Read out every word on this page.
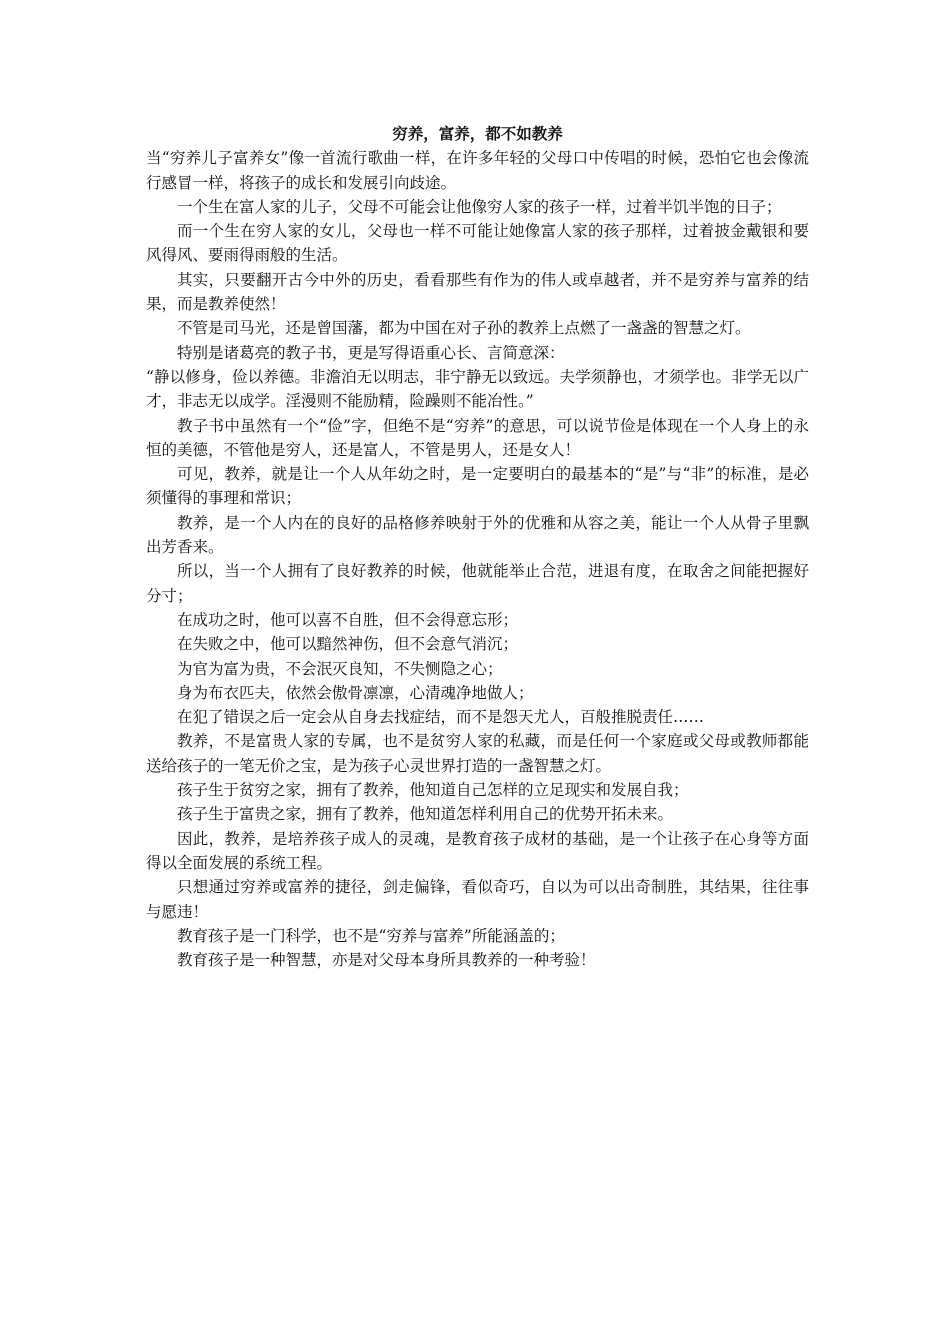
穷养，富养，都不如教养

当“穷养儿子富养女”像一首流行歌曲一样，在许多年轻的父母口中传唱的时候，恐怕它也会像流行感冒一样，将孩子的成长和发展引向歧途。

一个生在富人家的儿子，父母不可能会让他像穷人家的孩子一样，过着半饥半饱的日子；

而一个生在穷人家的女儿，父母也一样不可能让她像富人家的孩子那样，过着披金戴银和要风得风、要雨得雨般的生活。

其实，只要翻开古今中外的历史，看看那些有作为的伟人或卓越者，并不是穷养与富养的结果，而是教养使然！

不管是司马光，还是曾国藩，都为中国在对子孙的教养上点燃了一盏盏的智慧之灯。

特别是诸葛亮的教子书，更是写得语重心长、言简意深：

“静以修身，俭以养德。非澹泊无以明志，非宁静无以致远。夫学须静也，才须学也。非学无以广才，非志无以成学。淫漫则不能励精，险躁则不能冶性。”

教子书中虽然有一个“俭”字，但绝不是“穷养”的意思，可以说节俭是体现在一个人身上的永恒的美德，不管他是穷人，还是富人，不管是男人，还是女人！

可见，教养，就是让一个人从年幼之时，是一定要明白的最基本的“是”与“非”的标准，是必须懂得的事理和常识；

教养，是一个人内在的良好的品格修养映射于外的优雅和从容之美，能让一个人从骨子里飘出芳香来。

所以，当一个人拥有了良好教养的时候，他就能举止合范，进退有度，在取舍之间能把握好分寸；

在成功之时，他可以喜不自胜，但不会得意忘形；

在失败之中，他可以黯然神伤，但不会意气消沉；

为官为富为贵，不会泯灭良知，不失恻隐之心；

身为布衣匹夫，依然会傲骨凛凛，心清魂净地做人；

在犯了错误之后一定会从自身去找症结，而不是怨天尤人，百般推脱责任……

教养，不是富贵人家的专属，也不是贫穷人家的私藏，而是任何一个家庭或父母或教师都能送给孩子的一笔无价之宝，是为孩子心灵世界打造的一盏智慧之灯。

孩子生于贫穷之家，拥有了教养，他知道自己怎样的立足现实和发展自我；

孩子生于富贵之家，拥有了教养，他知道怎样利用自己的优势开拓未来。

因此，教养，是培养孩子成人的灵魂，是教育孩子成材的基础，是一个让孩子在心身等方面得以全面发展的系统工程。

只想通过穷养或富养的捷径，剑走偏锋，看似奇巧，自以为可以出奇制胜，其结果，往往事与愿违！

教育孩子是一门科学，也不是“穷养与富养”所能涵盖的；

教育孩子是一种智慧，亦是对父母本身所具教养的一种考验！
